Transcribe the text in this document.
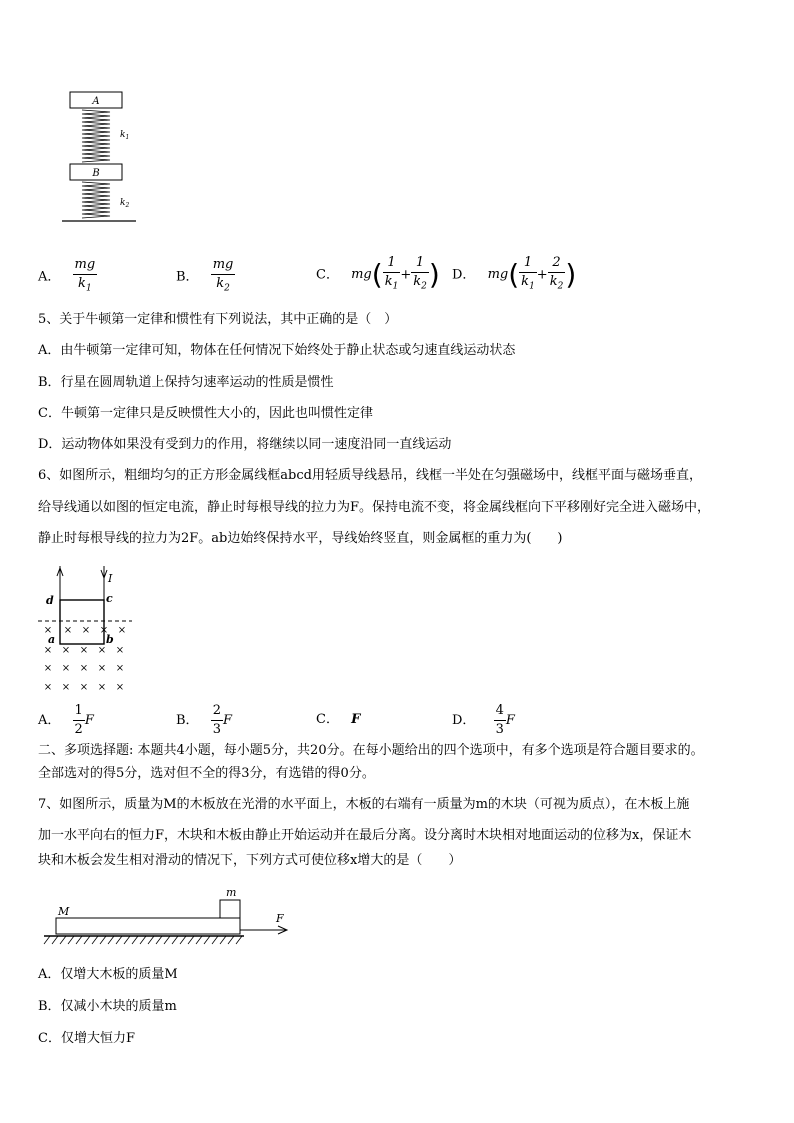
A
$k_1$
B
$k_2$
A． $\frac{mg}{k_1}$	B． $\frac{mg}{k_2}$	C． $mg( \frac{1}{k_1} + \frac{1}{k_2}$ ) D． $mg( \frac{1}{k_1} + \frac{2}{k_2}$ )
5、关于牛顿第一定律和惯性有下列说法，其中正确的是（　）
A．由牛顿第一定律可知，物体在任何情况下始终处于静止状态或匀速直线运动状态
B．行星在圆周轨道上保持匀速率运动的性质是惯性
C．牛顿第一定律只是反映惯性大小的，因此也叫惯性定律
D．运动物体如果没有受到力的作用，将继续以同一速度沿同一直线运动
6、如图所示，粗细均匀的正方形金属线框abcd用轻质导线悬吊，线框一半处在匀强磁场中，线框平面与磁场垂直，
给导线通以如图的恒定电流，静止时每根导线的拉力为F。保持电流不变，将金属线框向下平移刚好完全进入磁场中，
静止时每根导线的拉力为2F。ab边始终保持水平，导线始终竖直，则金属框的重力为(　　)
I
d	c
a	b
× × × × ×
× × × × ×
× × × × ×
× × × × ×
A． $\frac{1}{2}$ F	B． $\frac{2}{3}$ F	C． F	D． $\frac{4}{3}$ F
二、多项选择题: 本题共4小题，每小题5分，共20分。在每小题给出的四个选项中，有多个选项是符合题目要求的。
全部选对的得5分，选对但不全的得3分，有选错的得0分。
7、如图所示，质量为M的木板放在光滑的水平面上，木板的右端有一质量为m的木块（可视为质点），在木板上施
加一水平向右的恒力F，木块和木板由静止开始运动并在最后分离。设分离时木块相对地面运动的位移为x，保证木
块和木板会发生相对滑动的情况下，下列方式可使位移x增大的是（　　）
m
M
F
A．仅增大木板的质量M
B．仅减小木块的质量m
C．仅增大恒力F
